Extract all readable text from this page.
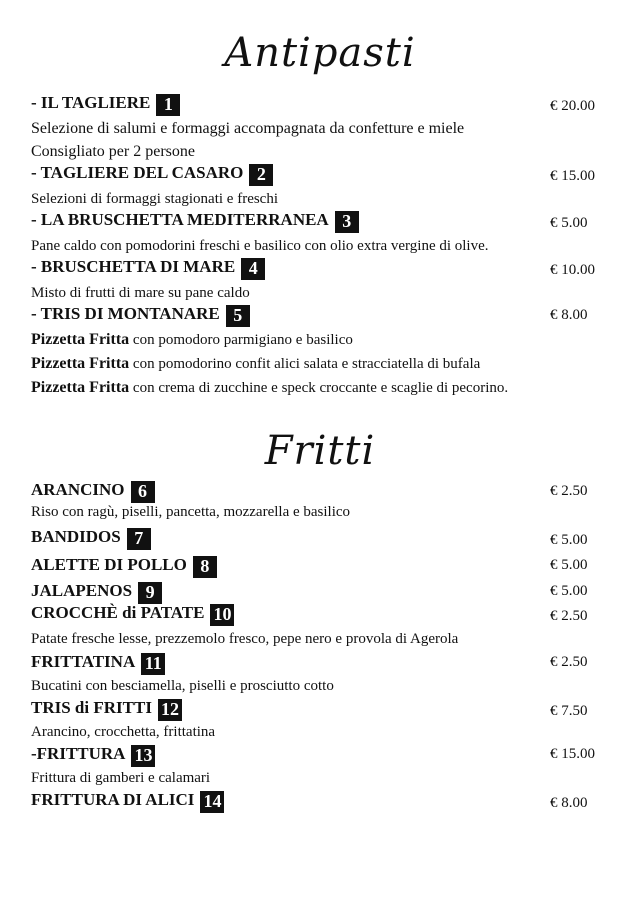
Antipasti
- IL TAGLIERE 1	€ 20.00
Selezione di salumi e formaggi accompagnata da confetture e miele
Consigliato per 2 persone
- TAGLIERE DEL CASARO 2	€ 15.00
Selezioni di formaggi stagionati e freschi
- LA BRUSCHETTA MEDITERRANEA 3	€ 5.00
Pane caldo con pomodorini freschi e basilico con olio extra vergine di olive.
- BRUSCHETTA DI MARE 4	€ 10.00
Misto di frutti di mare su pane caldo
- TRIS DI MONTANARE 5	€ 8.00
Pizzetta Fritta con pomodoro parmigiano e basilico
Pizzetta Fritta con pomodorino confit alici salata e stracciatella di bufala
Pizzetta Fritta con crema di zucchine e speck croccante e scaglie di pecorino.
Fritti
ARANCINO 6	€ 2.50
Riso con ragù, piselli, pancetta, mozzarella e basilico
BANDIDOS 7	€ 5.00
ALETTE DI POLLO 8	€ 5.00
JALAPENOS 9	€ 5.00
CROCCHÈ di PATATE 10	€ 2.50
Patate fresche lesse, prezzemolo fresco, pepe nero e provola di Agerola
FRITTATINA 11	€ 2.50
Bucatini con besciamella, piselli e prosciutto cotto
TRIS di FRITTI 12	€ 7.50
Arancino, crocchetta, frittatina
-FRITTURA 13	€ 15.00
Frittura di gamberi e calamari
FRITTURA DI ALICI 14	€ 8.00
